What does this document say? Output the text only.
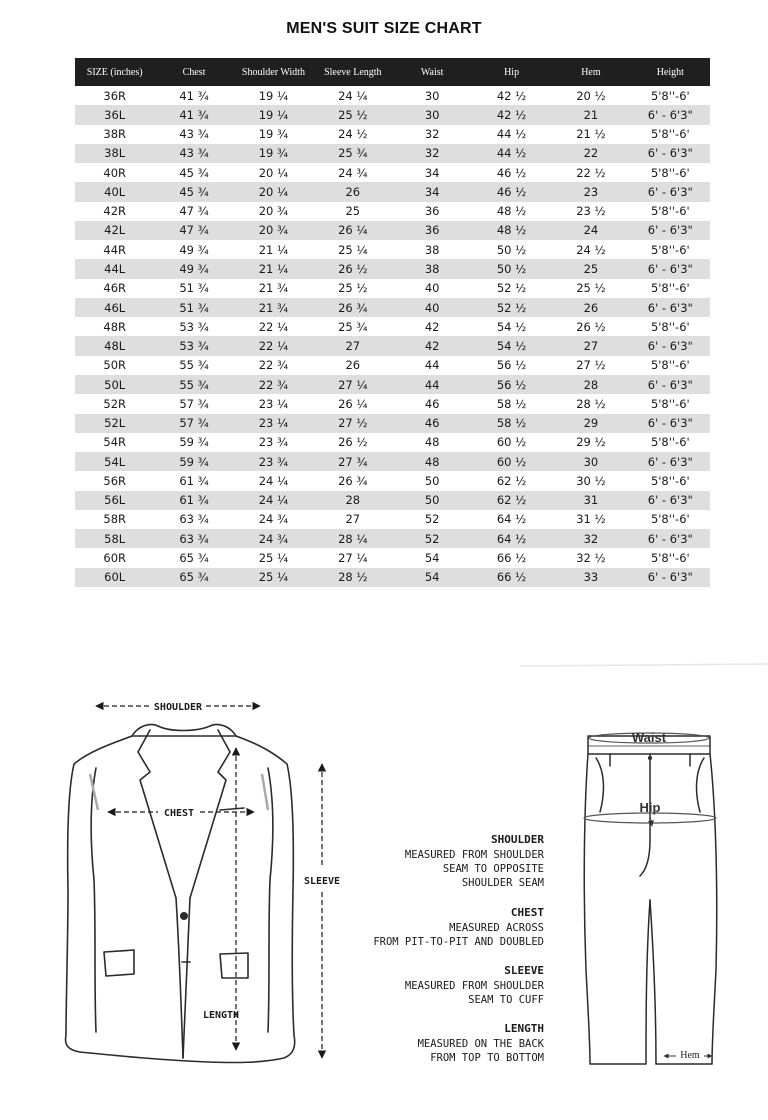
MEN'S SUIT SIZE CHART
SIZE (inches)	Chest	Shoulder Width	Sleeve Length	Waist	Hip	Hem	Height
36R	41 ¾	19 ¼	24 ¼	30	42 ½	20 ½	5'8''-6'
36L	41 ¾	19 ¼	25 ½	30	42 ½	21	6' - 6'3"
38R	43 ¾	19 ¾	24 ½	32	44 ½	21 ½	5'8''-6'
38L	43 ¾	19 ¾	25 ¾	32	44 ½	22	6' - 6'3"
40R	45 ¾	20 ¼	24 ¾	34	46 ½	22 ½	5'8''-6'
40L	45 ¾	20 ¼	26	34	46 ½	23	6' - 6'3"
42R	47 ¾	20 ¾	25	36	48 ½	23 ½	5'8''-6'
42L	47 ¾	20 ¾	26 ¼	36	48 ½	24	6' - 6'3"
44R	49 ¾	21 ¼	25 ¼	38	50 ½	24 ½	5'8''-6'
44L	49 ¾	21 ¼	26 ½	38	50 ½	25	6' - 6'3"
46R	51 ¾	21 ¾	25 ½	40	52 ½	25 ½	5'8''-6'
46L	51 ¾	21 ¾	26 ¾	40	52 ½	26	6' - 6'3"
48R	53 ¾	22 ¼	25 ¾	42	54 ½	26 ½	5'8''-6'
48L	53 ¾	22 ¼	27	42	54 ½	27	6' - 6'3"
50R	55 ¾	22 ¾	26	44	56 ½	27 ½	5'8''-6'
50L	55 ¾	22 ¾	27 ¼	44	56 ½	28	6' - 6'3"
52R	57 ¾	23 ¼	26 ¼	46	58 ½	28 ½	5'8''-6'
52L	57 ¾	23 ¼	27 ½	46	58 ½	29	6' - 6'3"
54R	59 ¾	23 ¾	26 ½	48	60 ½	29 ½	5'8''-6'
54L	59 ¾	23 ¾	27 ¾	48	60 ½	30	6' - 6'3"
56R	61 ¾	24 ¼	26 ¾	50	62 ½	30 ½	5'8''-6'
56L	61 ¾	24 ¼	28	50	62 ½	31	6' - 6'3"
58R	63 ¾	24 ¾	27	52	64 ½	31 ½	5'8''-6'
58L	63 ¾	24 ¾	28 ¼	52	64 ½	32	6' - 6'3"
60R	65 ¾	25 ¼	27 ¼	54	66 ½	32 ½	5'8''-6'
60L	65 ¾	25 ¼	28 ½	54	66 ½	33	6' - 6'3"
SHOULDER
CHEST
LENGTH
SLEEVE
SHOULDER
MEASURED FROM SHOULDER
SEAM TO OPPOSITE
SHOULDER SEAM
CHEST
MEASURED ACROSS
FROM PIT-TO-PIT AND DOUBLED
SLEEVE
MEASURED FROM SHOULDER
SEAM TO CUFF
LENGTH
MEASURED ON THE BACK
FROM TOP TO BOTTOM
Waist
Hip
Hem
